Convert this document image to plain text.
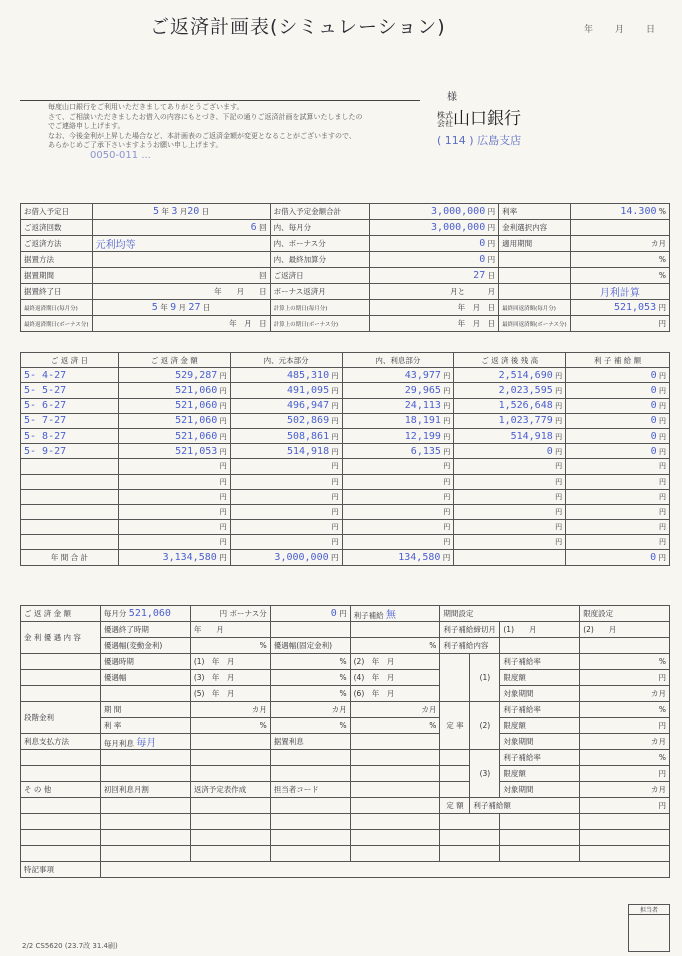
ご返済計画表(シミュレーション)	年 月 日
様
毎度山口銀行をご利用いただきましてありがとうございます。
さて、ご相談いただきましたお借入の内容にもとづき、下記の通りご返済計画を試算いたしましたの
でご連絡申し上げます。
なお、今後金利が上昇した場合など、本計画表のご返済金額が変更となることがございますので、
あらかじめご了承下さいますようお願い申し上げます。
株式会社山口銀行
( 114 ) 広島支店
0050-011 ...
お借入予定日	5 年 3 月20 日	お借入予定金額合計	3,000,000 円	利率	14.300 %
ご返済回数	6 回	内、毎月分	3,000,000 円	金利選択内容	
ご返済方法	元利均等	内、ボーナス分	0 円	適用期間	カ月
据置方法		内、最終加算分	0 円		%
据置期間	回	ご返済日	27 日		%
据置終了日	年　　月　　日	ボーナス返済月	月と　　　月		月利計算
最終返済期日(毎月分)	5 年 9 月 27 日	計算上の期日(毎月分)	年　月　日	最終回返済額(毎月分)	521,053 円
最終返済期日(ボーナス分)	年　月　日	計算上の期日(ボーナス分)	年　月　日	最終回返済額(ボーナス分)	円
ご 返 済 日	ご 返 済 金 額	内、元本部分	内、利息部分	ご 返 済 後 残 高	利 子 補 給 額
5- 4-27	529,287 円	485,310 円	43,977 円	2,514,690 円	0 円
5- 5-27	521,060 円	491,095 円	29,965 円	2,023,595 円	0 円
5- 6-27	521,060 円	496,947 円	24,113 円	1,526,648 円	0 円
5- 7-27	521,060 円	502,869 円	18,191 円	1,023,779 円	0 円
5- 8-27	521,060 円	508,861 円	12,199 円	514,918 円	0 円
5- 9-27	521,053 円	514,918 円	6,135 円	0 円	0 円
	円	円	円	円	円
	円	円	円	円	円
	円	円	円	円	円
	円	円	円	円	円
	円	円	円	円	円
	円	円	円	円	円
年 間 合 計	3,134,580 円	3,000,000 円	134,580 円		0 円
ご 返 済 金 額	毎月分 521,060	円 ボーナス分	0 円	利子補給 無	期間設定			限度設定
金 利 優 遇 内 容	優遇終了時期	年　　月			利子補給締切月		(1)　　月	(2)　　月
	優遇幅(変動金利)	%	優遇幅(固定金利)	%	利子補給内容			
	優遇時期	(1)　年　月	%	(2)　年　月		(1)	利子補給率	%
	優遇幅	(3)　年　月	%	(4)　年　月			限度額	円
		(5)　年　月	%	(6)　年　月			対象期間	カ月
段階金利	期 間	カ月	カ月	カ月	定 率	(2)	利子補給率	%
	利 率	%	%	%			限度額	円
利息支払方法	毎月利息 毎月		据置利息				対象期間	カ月
						(3)	利子補給率	%
							限度額	円
そ の 他	初回利息月割	返済予定表作成	担当者コード				対象期間	カ月
					定 額	利子補給額		円

特記事項								
2/2 CS5620 (23.7改 31.4刷)
担当者
